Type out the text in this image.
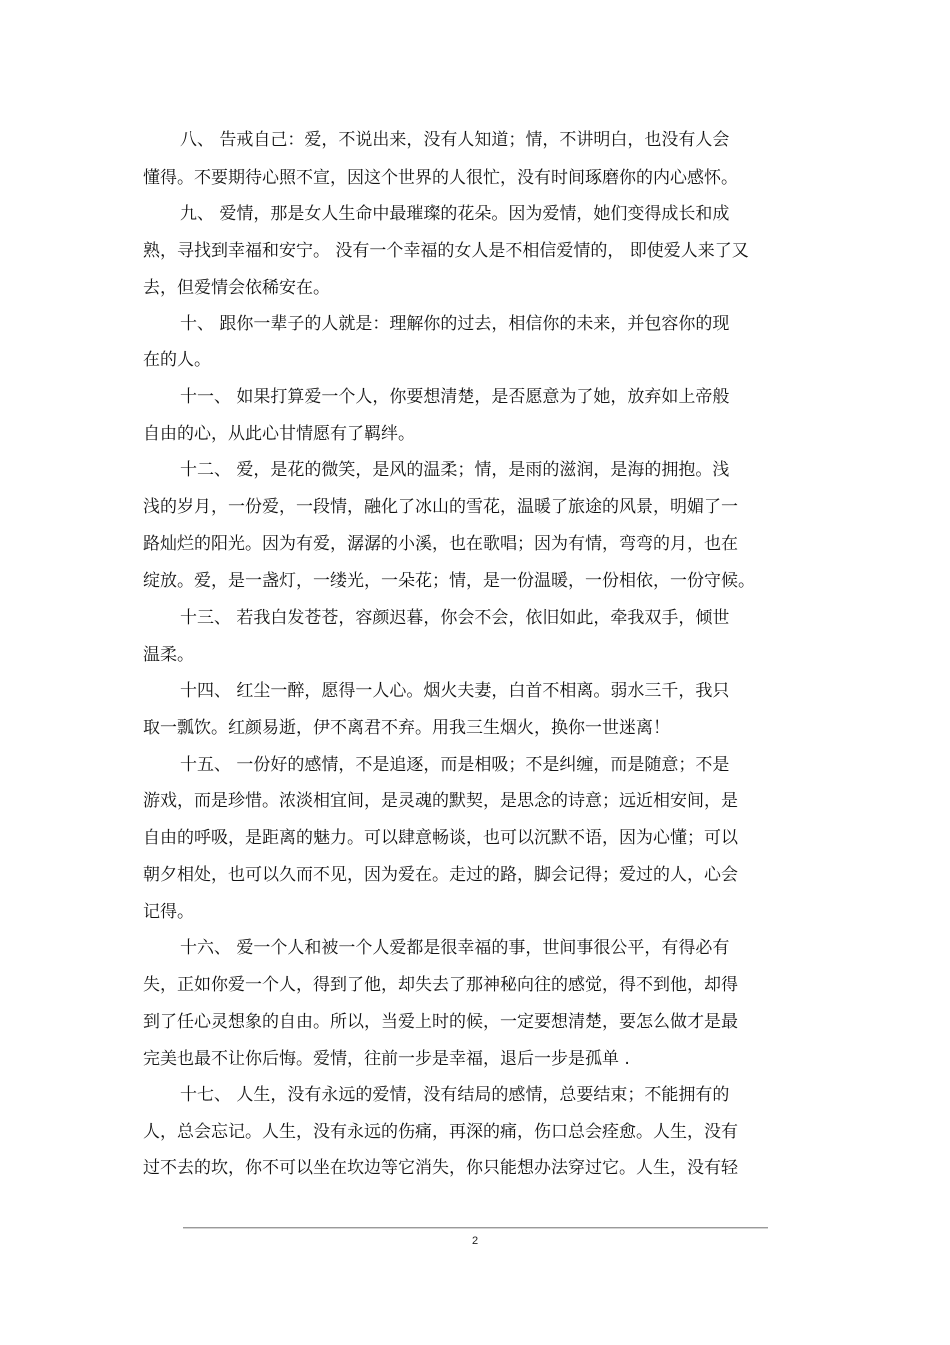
八、 告戒自己：爱，不说出来，没有人知道；情，不讲明白，也没有人会
懂得。不要期待心照不宣，因这个世界的人很忙，没有时间琢磨你的内心感怀。
九、 爱情，那是女人生命中最璀璨的花朵。因为爱情，她们变得成长和成
熟，寻找到幸福和安宁。 没有一个幸福的女人是不相信爱情的， 即使爱人来了又
去，但爱情会依稀安在。
十、 跟你一辈子的人就是：理解你的过去，相信你的未来，并包容你的现
在的人。
十一、 如果打算爱一个人，你要想清楚，是否愿意为了她，放弃如上帝般
自由的心，从此心甘情愿有了羁绊。
十二、 爱，是花的微笑，是风的温柔；情，是雨的滋润，是海的拥抱。浅
浅的岁月，一份爱，一段情，融化了冰山的雪花，温暖了旅途的风景，明媚了一
路灿烂的阳光。因为有爱，潺潺的小溪，也在歌唱；因为有情，弯弯的月，也在
绽放。爱，是一盏灯，一缕光，一朵花；情，是一份温暖，一份相依，一份守候。
十三、 若我白发苍苍，容颜迟暮，你会不会，依旧如此，牵我双手，倾世
温柔。
十四、 红尘一醉，愿得一人心。烟火夫妻，白首不相离。弱水三千，我只
取一瓢饮。红颜易逝，伊不离君不弃。用我三生烟火，换你一世迷离！
十五、 一份好的感情，不是追逐，而是相吸；不是纠缠，而是随意；不是
游戏，而是珍惜。浓淡相宜间，是灵魂的默契，是思念的诗意；远近相安间，是
自由的呼吸，是距离的魅力。可以肆意畅谈，也可以沉默不语，因为心懂；可以
朝夕相处，也可以久而不见，因为爱在。走过的路，脚会记得；爱过的人，心会
记得。
十六、 爱一个人和被一个人爱都是很幸福的事，世间事很公平，有得必有
失，正如你爱一个人，得到了他，却失去了那神秘向往的感觉，得不到他，却得
到了任心灵想象的自由。所以，当爱上时的候，一定要想清楚，要怎么做才是最
完美也最不让你后悔。爱情，往前一步是幸福，退后一步是孤单 .
十七、 人生，没有永远的爱情，没有结局的感情，总要结束；不能拥有的
人，总会忘记。人生，没有永远的伤痛，再深的痛，伤口总会痊愈。人生，没有
过不去的坎，你不可以坐在坎边等它消失，你只能想办法穿过它。人生，没有轻
2
